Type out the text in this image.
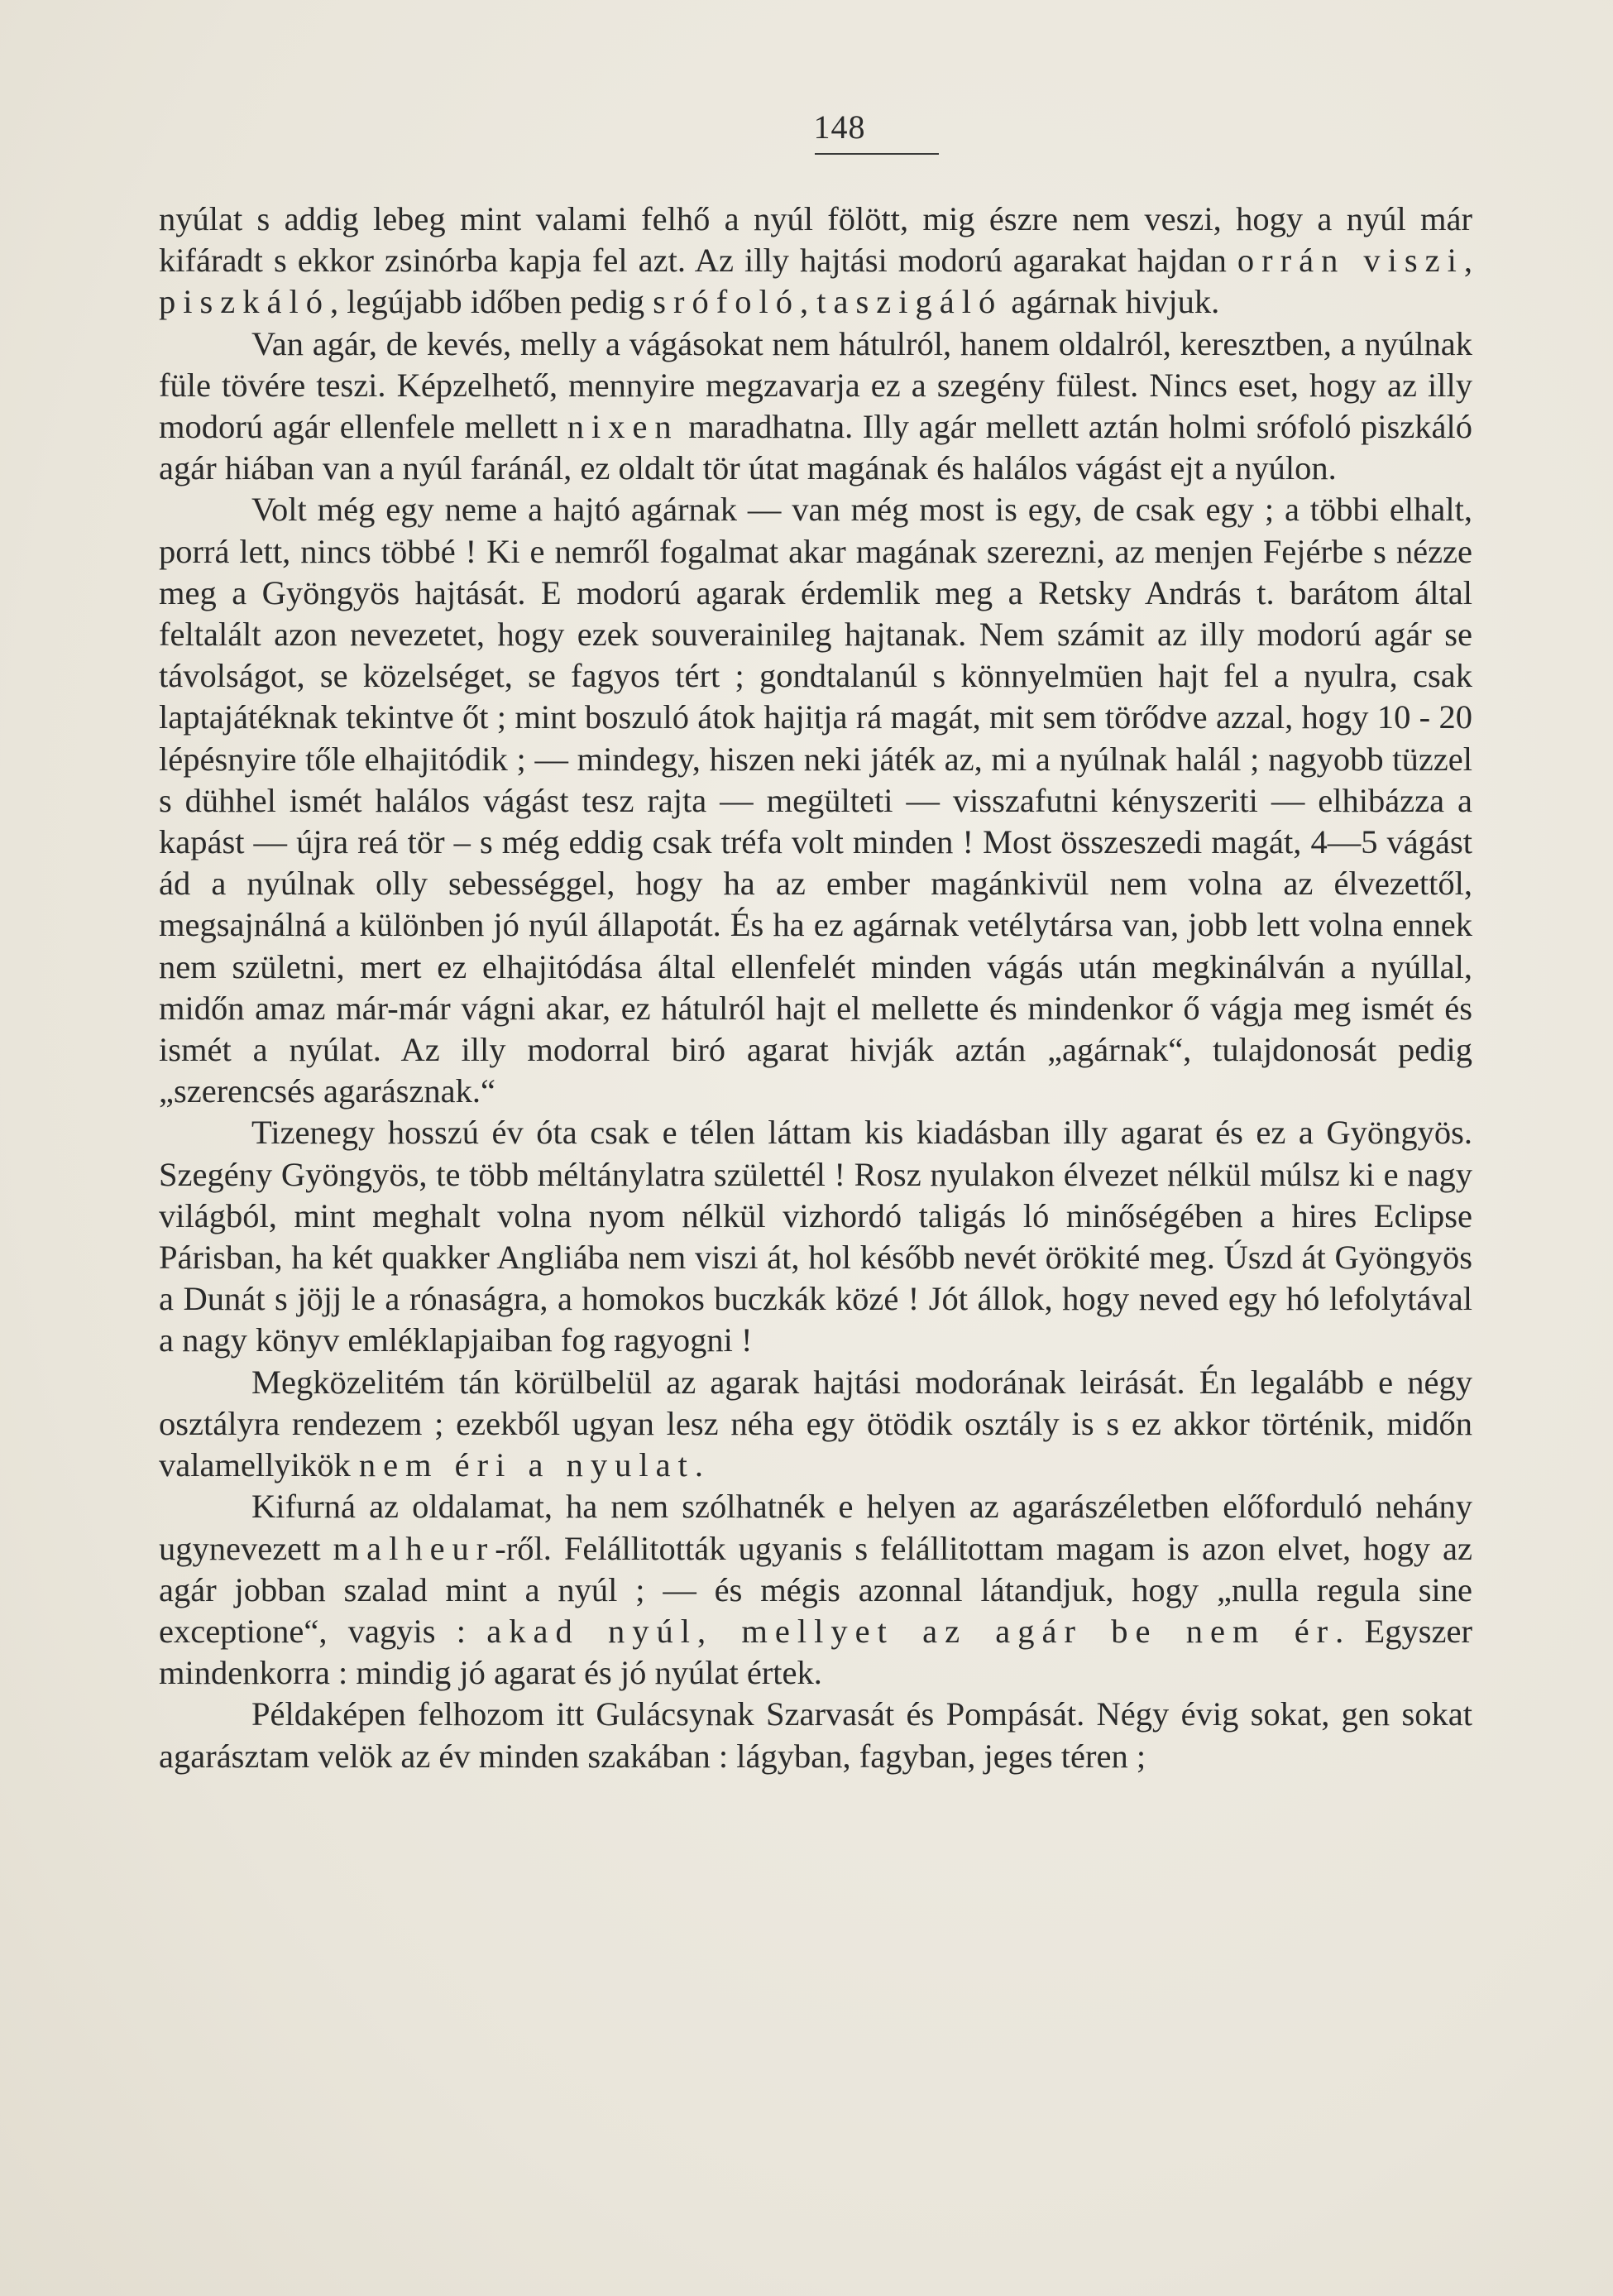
148

nyúlat s addig lebeg mint valami felhő a nyúl fölött, mig észre nem veszi, hogy a nyúl már kifáradt s ekkor zsinórba kapja fel azt. Az illy hajtási modorú agarakat hajdan orrán viszi, piszkáló, legújabb időben pedig srófoló, taszigáló agárnak hivjuk.

Van agár, de kevés, melly a vágásokat nem hátulról, hanem oldalról, keresztben, a nyúlnak füle tövére teszi. Képzelhető, mennyire megzavarja ez a szegény fülest. Nincs eset, hogy az illy modorú agár ellenfele mellett nixen maradhatna. Illy agár mellett aztán holmi srófoló piszkáló agár hiában van a nyúl faránál, ez oldalt tör útat magának és halálos vágást ejt a nyúlon.

Volt még egy neme a hajtó agárnak — van még most is egy, de csak egy ; a többi elhalt, porrá lett, nincs többé ! Ki e nemről fogalmat akar magának szerezni, az menjen Fejérbe s nézze meg a Gyöngyös hajtását. E modorú agarak érdemlik meg a Retsky András t. barátom által feltalált azon nevezetet, hogy ezek souverainileg hajtanak. Nem számit az illy modorú agár se távolságot, se közelséget, se fagyos tért ; gondtalanúl s könnyelmüen hajt fel a nyulra, csak laptajátéknak tekintve őt ; mint boszuló átok hajitja rá magát, mit sem törődve azzal, hogy 10 - 20 lépésnyire tőle elhajitódik ; — mindegy, hiszen neki játék az, mi a nyúlnak halál ; nagyobb tüzzel s dühhel ismét halálos vágást tesz rajta — megülteti — visszafutni kényszeriti — elhibázza a kapást — újra reá tör – s még eddig csak tréfa volt minden ! Most összeszedi magát, 4—5 vágást ád a nyúlnak olly sebességgel, hogy ha az ember magánkivül nem volna az élvezettől, megsajnálná a különben jó nyúl állapotát. És ha ez agárnak vetélytársa van, jobb lett volna ennek nem születni, mert ez elhajitódása által ellenfelét minden vágás után megkinálván a nyúllal, midőn amaz már-már vágni akar, ez hátulról hajt el mellette és mindenkor ő vágja meg ismét és ismét a nyúlat. Az illy modorral biró agarat hivják aztán „agárnak“, tulajdonosát pedig „szerencsés agarásznak.“

Tizenegy hosszú év óta csak e télen láttam kis kiadásban illy agarat és ez a Gyöngyös. Szegény Gyöngyös, te több méltánylatra születtél ! Rosz nyulakon élvezet nélkül múlsz ki e nagy világból, mint meghalt volna nyom nélkül vizhordó taligás ló minőségében a hires Eclipse Párisban, ha két quakker Angliába nem viszi át, hol később nevét örökité meg. Úszd át Gyöngyös a Dunát s jöjj le a rónaságra, a homokos buczkák közé ! Jót állok, hogy neved egy hó lefolytával a nagy könyv emléklapjaiban fog ragyogni !

Megközelitém tán körülbelül az agarak hajtási modorának leirását. Én legalább e négy osztályra rendezem ; ezekből ugyan lesz néha egy ötödik osztály is s ez akkor történik, midőn valamellyikök nem éri a nyulat.

Kifurná az oldalamat, ha nem szólhatnék e helyen az agarászéletben előforduló nehány ugynevezett malheur-ről. Felállitották ugyanis s felállitottam magam is azon elvet, hogy az agár jobban szalad mint a nyúl ; — és mégis azonnal látandjuk, hogy „nulla regula sine exceptione“, vagyis : akad nyúl, mellyet az agár be nem ér. Egyszer mindenkorra : mindig jó agarat és jó nyúlat értek.

Példaképen felhozom itt Gulácsynak Szarvasát és Pompását. Négy évig sokat, gen sokat agarásztam velök az év minden szakában : lágyban, fagyban, jeges téren ;
